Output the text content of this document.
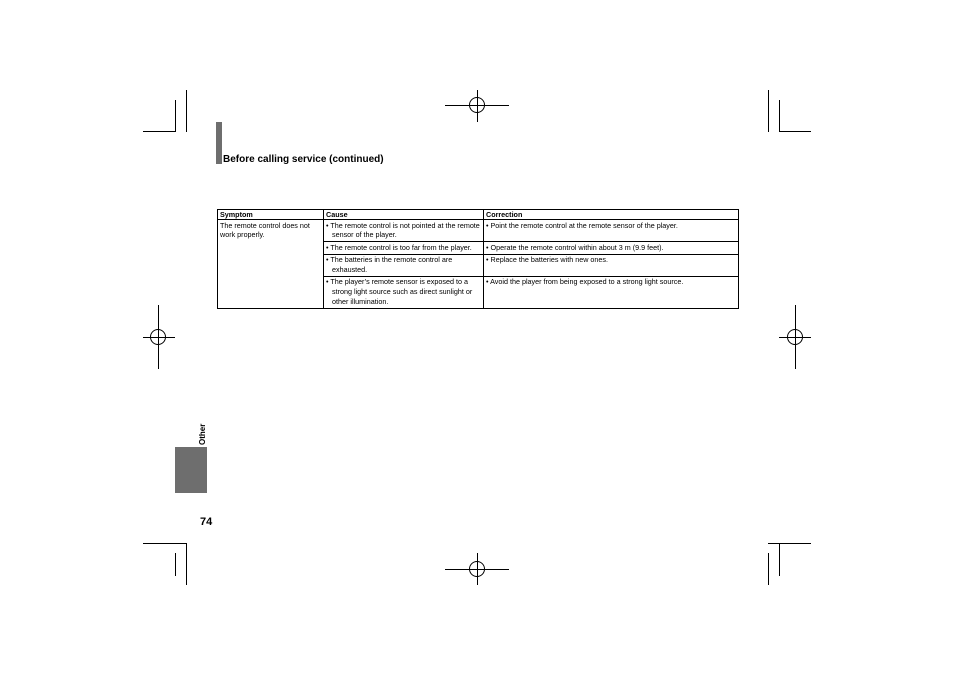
Before calling service (continued)
Symptom	Cause	Correction
The remote control does not work properly.	• The remote control is not pointed at the remote sensor of the player.	• Point the remote control at the remote sensor of the player.

	• The remote control is too far from the player.	• Operate the remote control within about 3 m (9.9 feet).

	• The batteries in the remote control are exhausted.	• Replace the batteries with new ones.

	• The player’s remote sensor is exposed to a strong light source such as direct sunlight or other illumination.	• Avoid the player from being exposed to a strong light source.
Other
74
